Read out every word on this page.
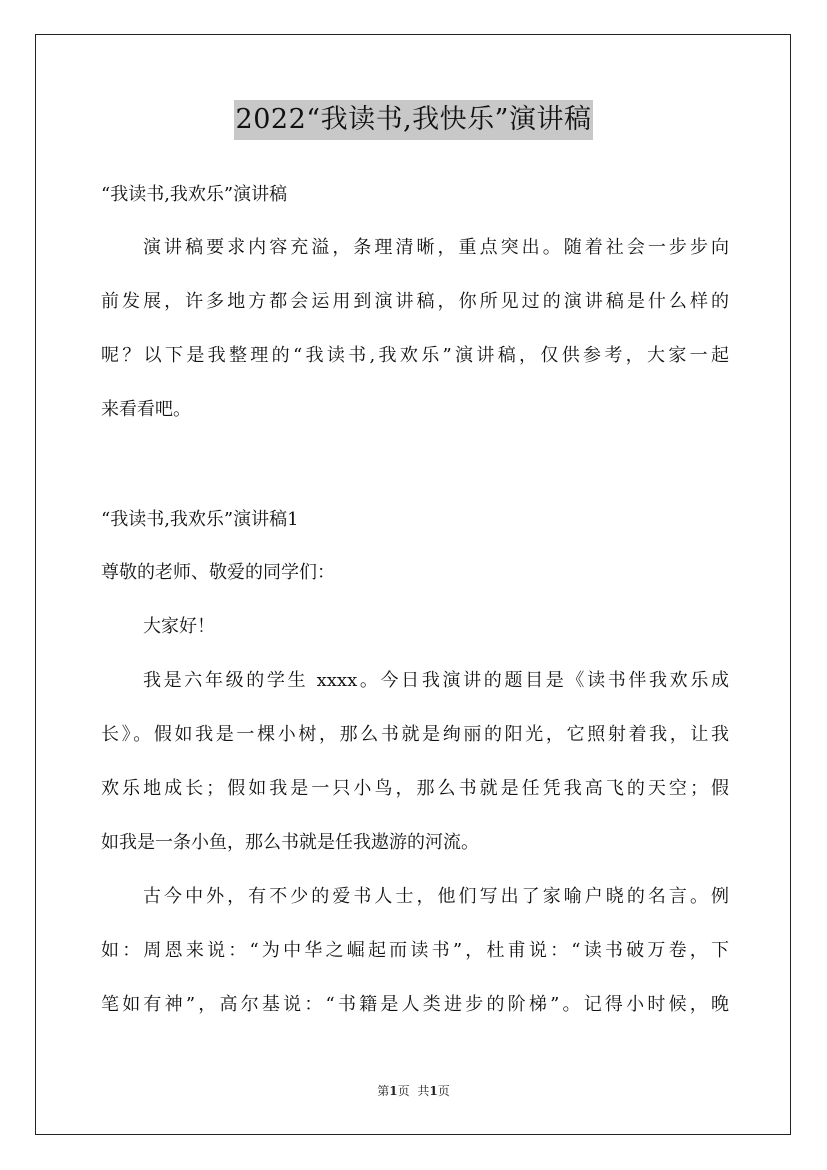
2022“我读书,我快乐”演讲稿
“我读书,我欢乐”演讲稿
演讲稿要求内容充溢，条理清晰，重点突出。随着社会一步步向
前发展，许多地方都会运用到演讲稿，你所见过的演讲稿是什么样的
呢？以下是我整理的“我读书,我欢乐”演讲稿，仅供参考，大家一起
来看看吧。
“我读书,我欢乐”演讲稿1
尊敬的老师、敬爱的同学们：
大家好！
我是六年级的学生 xxxx。今日我演讲的题目是《读书伴我欢乐成
长》。假如我是一棵小树，那么书就是绚丽的阳光，它照射着我，让我
欢乐地成长；假如我是一只小鸟，那么书就是任凭我高飞的天空；假
如我是一条小鱼，那么书就是任我遨游的河流。
古今中外，有不少的爱书人士，他们写出了家喻户晓的名言。例
如：周恩来说：“为中华之崛起而读书”，杜甫说：“读书破万卷，下
笔如有神”，高尔基说：“书籍是人类进步的阶梯”。记得小时候，晚
第1页 共1页
